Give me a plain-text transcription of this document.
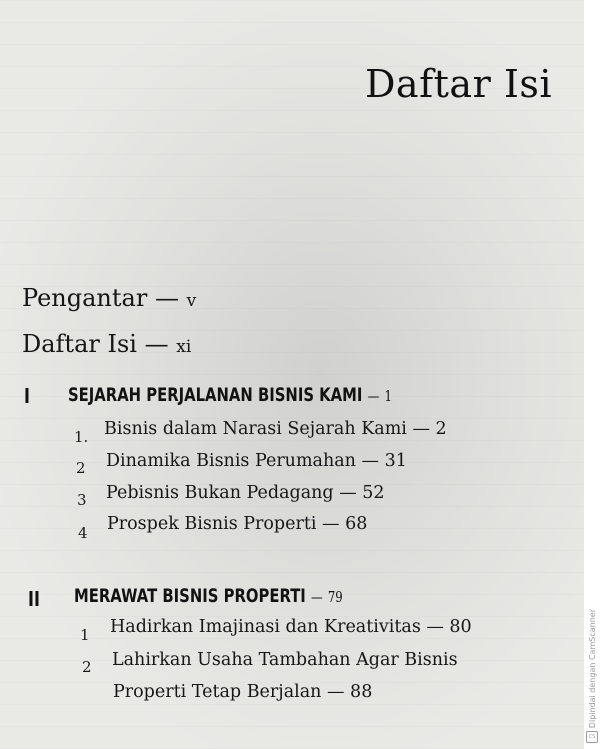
Daftar Isi
Pengantar — v
Daftar Isi — xi
I SEJARAH PERJALANAN BISNIS KAMI — 1
1. Bisnis dalam Narasi Sejarah Kami — 2
2 Dinamika Bisnis Perumahan — 31
3 Pebisnis Bukan Pedagang — 52
4 Prospek Bisnis Properti — 68
II MERAWAT BISNIS PROPERTI — 79
1 Hadirkan Imajinasi dan Kreativitas — 80
2 Lahirkan Usaha Tambahan Agar Bisnis
Properti Tetap Berjalan — 88	Dipindai dengan CamScanner
CS
